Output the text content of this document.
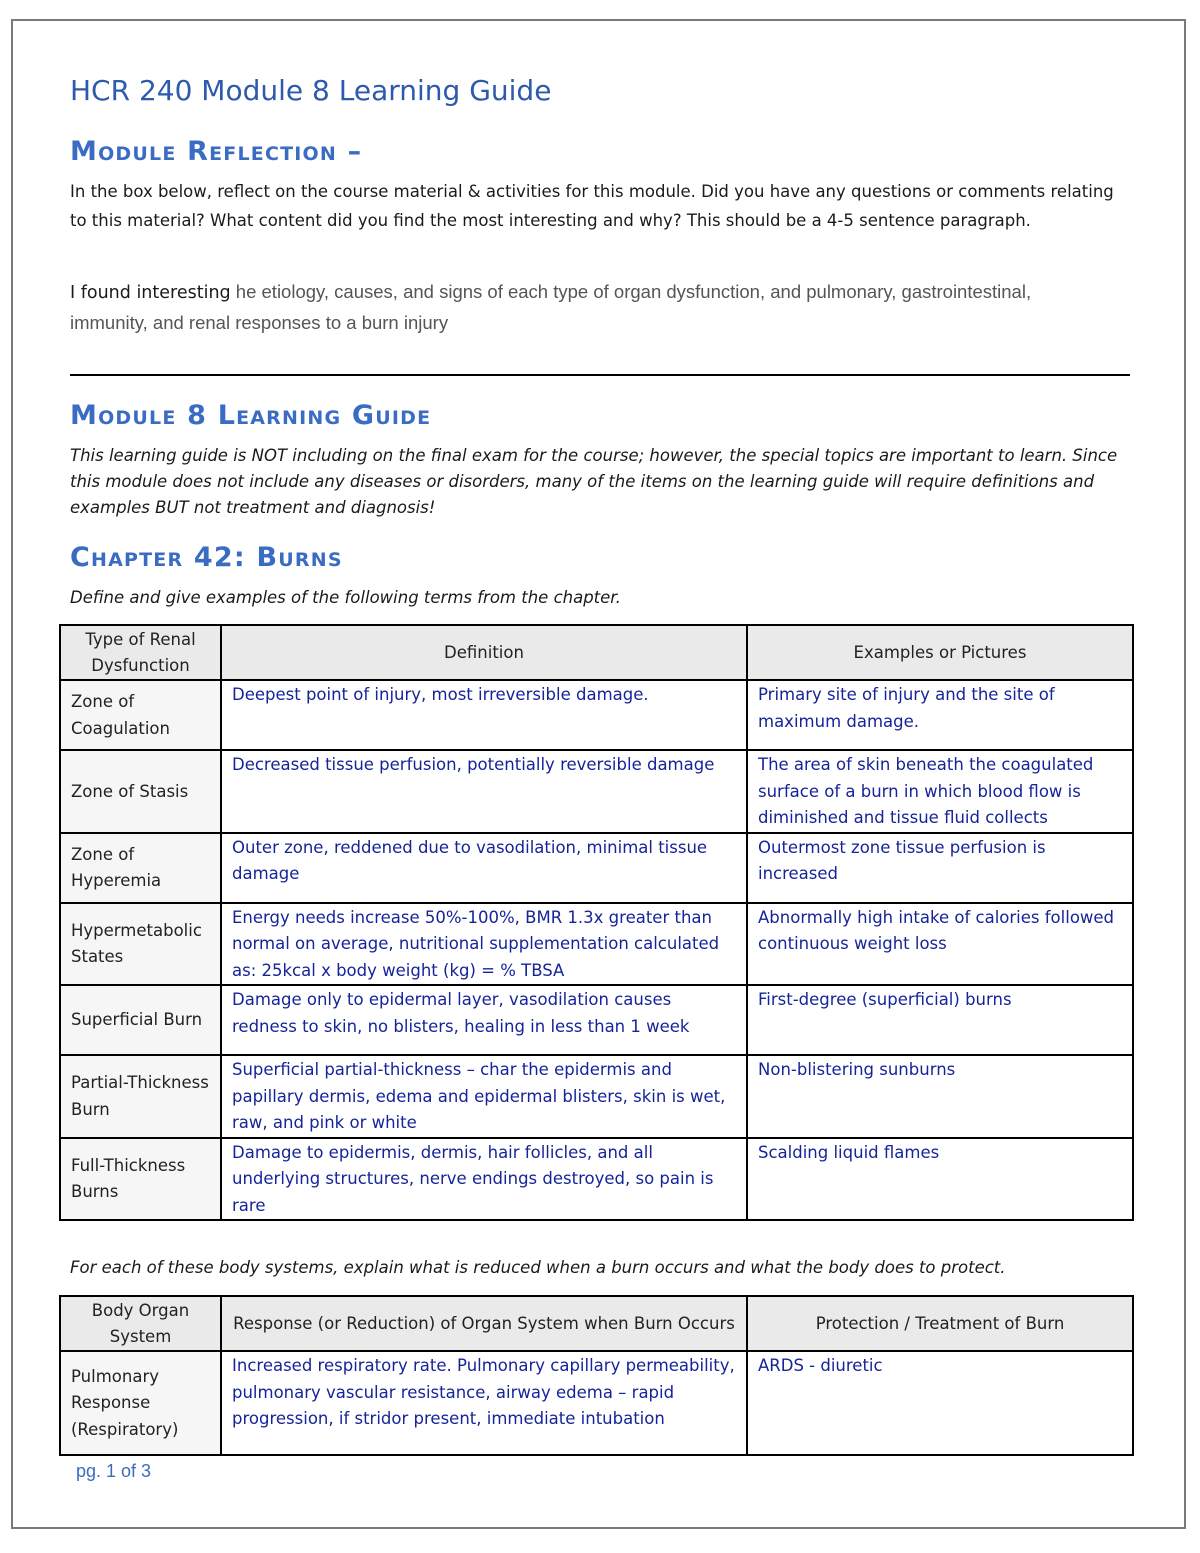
HCR 240 Module 8 Learning Guide
Module Reflection –

In the box below, reflect on the course material & activities for this module. Did you have any questions or comments relating to this material? What content did you find the most interesting and why? This should be a 4-5 sentence paragraph.

I found interesting he etiology, causes, and signs of each type of organ dysfunction, and pulmonary, gastrointestinal, immunity, and renal responses to a burn injury

Module 8 Learning Guide

This learning guide is NOT including on the final exam for the course; however, the special topics are important to learn. Since this module does not include any diseases or disorders, many of the items on the learning guide will require definitions and examples BUT not treatment and diagnosis!

Chapter 42: Burns

Define and give examples of the following terms from the chapter.

For each of these body systems, explain what is reduced when a burn occurs and what the body does to protect.

pg. 1 of 3

Type of Renal Dysfunction	Definition	Examples or Pictures
Zone of Coagulation	Deepest point of injury, most irreversible damage.	Primary site of injury and the site of maximum damage.
Zone of Stasis	Decreased tissue perfusion, potentially reversible damage	The area of skin beneath the coagulated surface of a burn in which blood flow is diminished and tissue fluid collects
Zone of Hyperemia	Outer zone, reddened due to vasodilation, minimal tissue damage	Outermost zone tissue perfusion is increased
Hypermetabolic States	Energy needs increase 50%-100%, BMR 1.3x greater than normal on average, nutritional supplementation calculated as: 25kcal x body weight (kg) = % TBSA	Abnormally high intake of calories followed continuous weight loss
Superficial Burn	Damage only to epidermal layer, vasodilation causes redness to skin, no blisters, healing in less than 1 week	First-degree (superficial) burns
Partial-Thickness Burn	Superficial partial-thickness – char the epidermis and papillary dermis, edema and epidermal blisters, skin is wet, raw, and pink or white	Non-blistering sunburns
Full-Thickness Burns	Damage to epidermis, dermis, hair follicles, and all underlying structures, nerve endings destroyed, so pain is rare	Scalding liquid flames
Body Organ System	Response (or Reduction) of Organ System when Burn Occurs	Protection / Treatment of Burn
Pulmonary Response (Respiratory)	Increased respiratory rate. Pulmonary capillary permeability, pulmonary vascular resistance, airway edema – rapid progression, if stridor present, immediate intubation	ARDS - diuretic
